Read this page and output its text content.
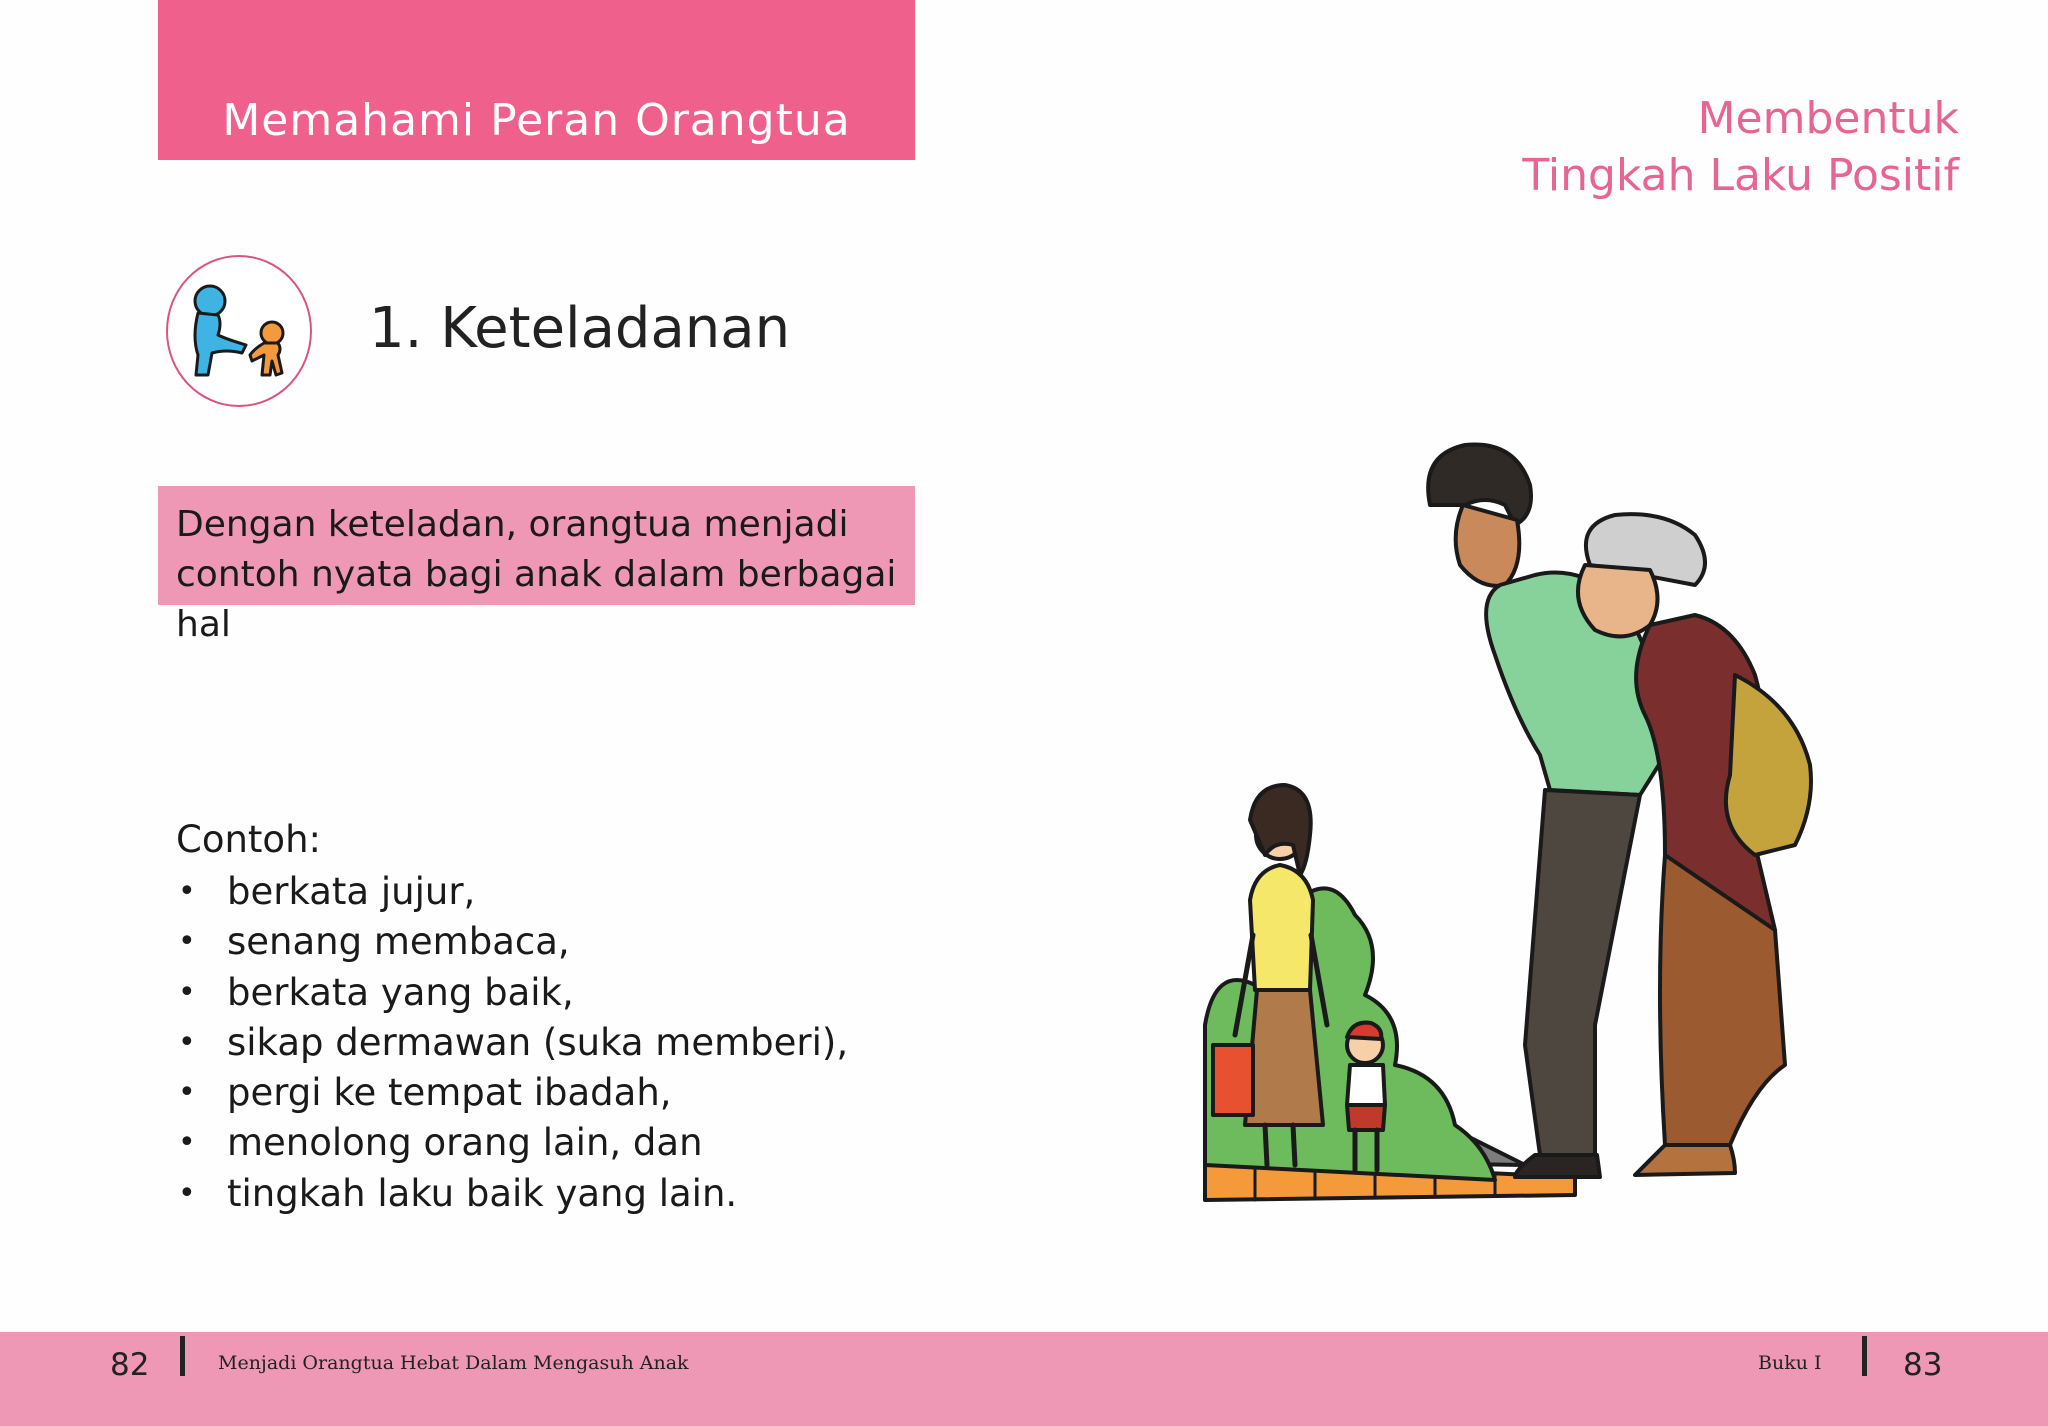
Memahami Peran Orangtua	Membentuk
Tingkah Laku Positif
1. Keteladanan
Dengan keteladan, orangtua menjadi
contoh nyata bagi anak dalam berbagai hal
Contoh:
• berkata jujur,
• senang membaca,
• berkata yang baik,
• sikap dermawan (suka memberi),
• pergi ke tempat ibadah,
• menolong orang lain, dan
• tingkah laku baik yang lain.
82	Menjadi Orangtua Hebat Dalam Mengasuh Anak	Buku I	83
